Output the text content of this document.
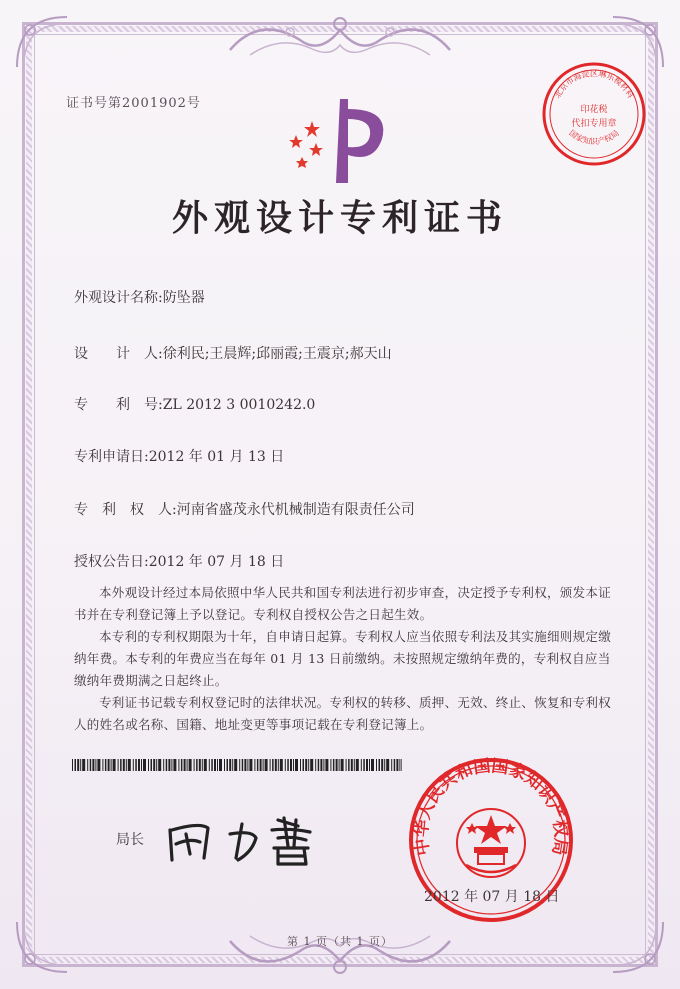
证书号第2001902号
外观设计专利证书
北京市海淀区琳乐模材料
国家知识产权局
印花税
代扣专用章
外观设计名称:防坠器
设　　计　人:徐利民;王晨辉;邱丽霞;王震京;郝天山
专　　利　号:ZL 2012 3 0010242.0
专利申请日:2012 年 01 月 13 日
专　利　权　人:河南省盛茂永代机械制造有限责任公司
授权公告日:2012 年 07 月 18 日
本外观设计经过本局依照中华人民共和国专利法进行初步审查，决定授予专利权，颁发本证书并在专利登记簿上予以登记。专利权自授权公告之日起生效。
本专利的专利权期限为十年，自申请日起算。专利权人应当依照专利法及其实施细则规定缴纳年费。本专利的年费应当在每年 01 月 13 日前缴纳。未按照规定缴纳年费的，专利权自应当缴纳年费期满之日起终止。
专利证书记载专利权登记时的法律状况。专利权的转移、质押、无效、终止、恢复和专利权人的姓名或名称、国籍、地址变更等事项记载在专利登记簿上。
局长	中华人民共和国国家知识产权局
2012 年 07 月 18 日
第 1 页（共 1 页）
